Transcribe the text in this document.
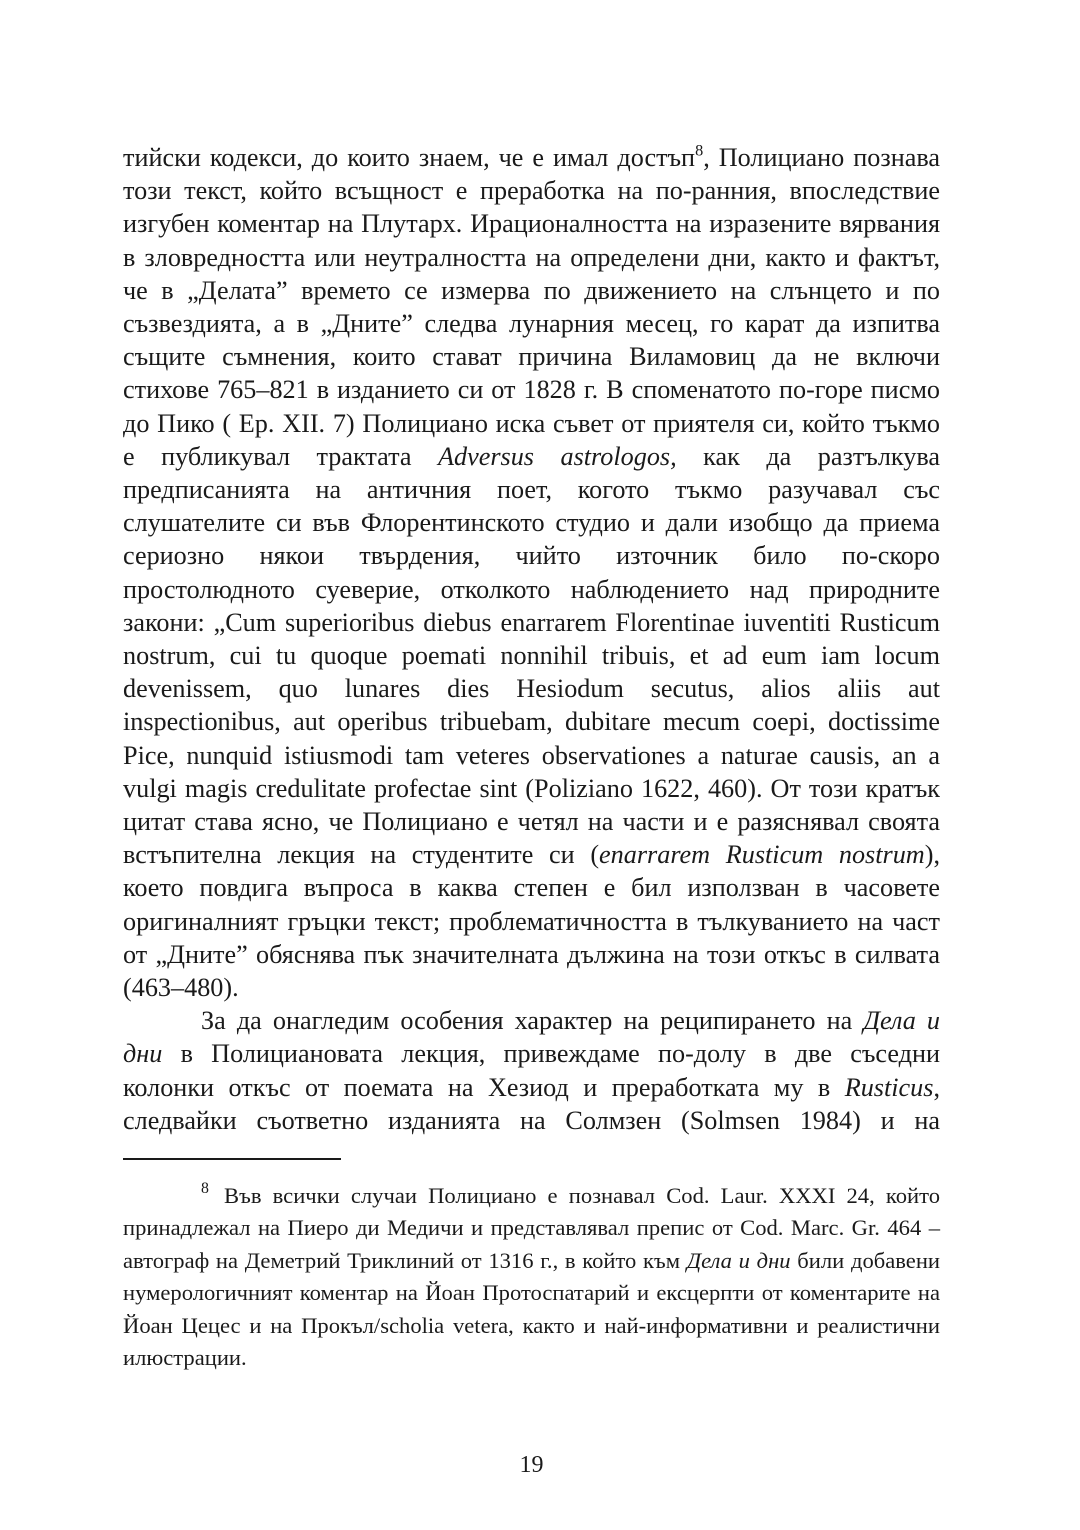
тийски кодекси, до които знаем, че е имал достъп$^8$, Полициано познава този текст, който всъщност е преработка на по-ранния, впоследствие изгубен коментар на Плутарх. Ирационалността на изразените вярвания в зловредността или неутралността на определени дни, както и фактът, че в „Делата” времето се измерва по движението на слънцето и по съзвездията, а в „Дните” следва лунарния месец, го карат да изпитва същите съмнения, които стават причина Виламовиц да не включи стихове 765–821 в изданието си от 1828 г. В споменатото по-горе писмо до Пико ( Ep. XII. 7) Полициано иска съвет от приятеля си, който тъкмо е публикувал трактата Adversus astrologos, как да разтълкува предписанията на античния поет, когото тъкмо разучавал със слушателите си във Флорентинското студио и дали изобщо да приема сериозно някои твърдения, чийто източник било по-скоро простолюдното суеверие, отколкото наблюдението над природните закони: „Cum superioribus diebus enarrarem Florentinae iuventiti Rusticum nostrum, cui tu quoque poemati nonnihil tribuis, et ad eum iam locum devenissem, quo lunares dies Hesiodum secutus, alios aliis aut inspectionibus, aut operibus tribuebam, dubitare mecum coepi, doctissime Pice, nunquid istiusmodi tam veteres observationes a naturae causis, an a vulgi magis credulitate profectae sint (Poliziano 1622, 460). От този кратък цитат става ясно, че Полициано е четял на части и е разяснявал своята встъпителна лекция на студентите си (enarrarem Rusticum nostrum), което повдига въпроса в каква степен е бил използван в часовете оригиналният гръцки текст; проблематичността в тълкуванието на част от „Дните” обяснява пък значителната дължина на този откъс в силвата (463–480).

За да онагледим особения характер на реципирането на Дела и дни в Полициановата лекция, привеждаме по-долу в две съседни колонки откъс от поемата на Хезиод и преработката му в Rusticus, следвайки съответно изданията на Солмзен (Solmsen 1984) и на

$^8$ Във всички случаи Полициано е познавал Cod. Laur. XXXI 24, който принадлежал на Пиеро ди Медичи и представлявал препис от Cod. Marc. Gr. 464 – автограф на Деметрий Триклиний от 1316 г., в който към Дела и дни били добавени нумерологичният коментар на Йоан Протоспатарий и ексцерпти от коментарите на Йоан Цецес и на Прокъл/scholia vetera, както и най-информативни и реалистични илюстрации.

19
